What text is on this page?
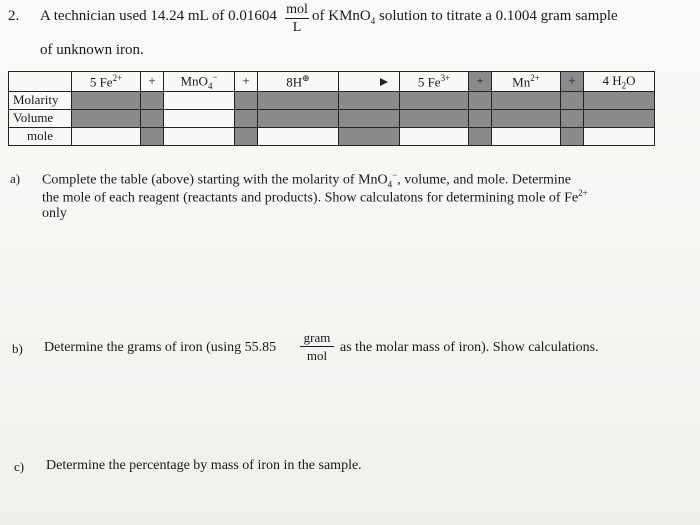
2. A technician used 14.24 mL of 0.01604 mol
L
of KMnO$_4$ solution to titrate a 0.1004 gram sample
of unknown iron.
	5 $Fe^{2+}$	+	MnO$_4$−	+	8H⊕		5 $Fe^{3+}$	+	$Mn^{2+}$	+	4 $H_2O$
Molarity											
Volume											
mole											
a) Complete the table (above) starting with the molarity of MnO$_4$−, volume, and mole. Determine
the mole of each reagent (reactants and products). Show calculatons for determining mole of $Fe^{2+}$
only
b) Determine the grams of iron (using 55.85
gram
mol
as the molar mass of iron). Show calculations.
c) Determine the percentage by mass of iron in the sample.
